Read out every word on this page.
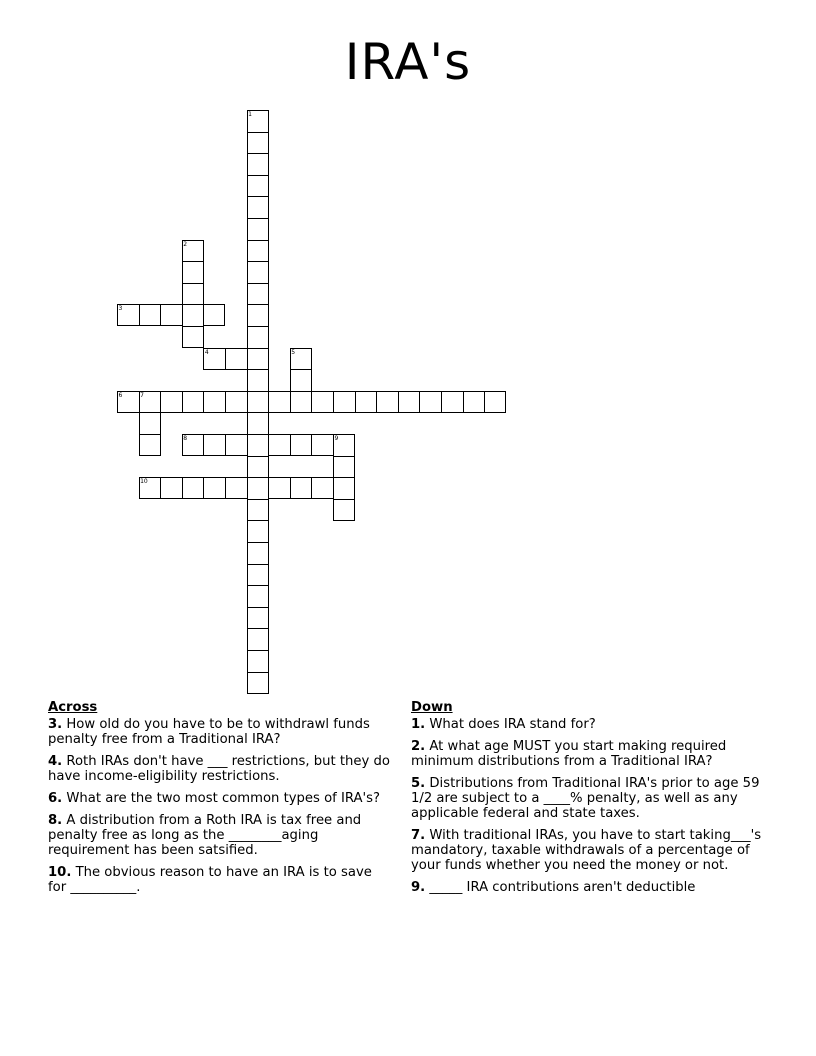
IRA's
1
2
3
4	5
6	7
8	9
10
Across
3. How old do you have to be to withdrawl funds penalty free from a Traditional IRA?
4. Roth IRAs don't have ___ restrictions, but they do have income-eligibility restrictions.
6. What are the two most common types of IRA's?
8. A distribution from a Roth IRA is tax free and penalty free as long as the ________aging requirement has been satsified.
10. The obvious reason to have an IRA is to save for __________.
Down
1. What does IRA stand for?
2. At what age MUST you start making required minimum distributions from a Traditional IRA?
5. Distributions from Traditional IRA's prior to age 59 1/2 are subject to a ____% penalty, as well as any applicable federal and state taxes.
7. With traditional IRAs, you have to start taking___'s mandatory, taxable withdrawals of a percentage of your funds whether you need the money or not.
9. _____ IRA contributions aren't deductible
